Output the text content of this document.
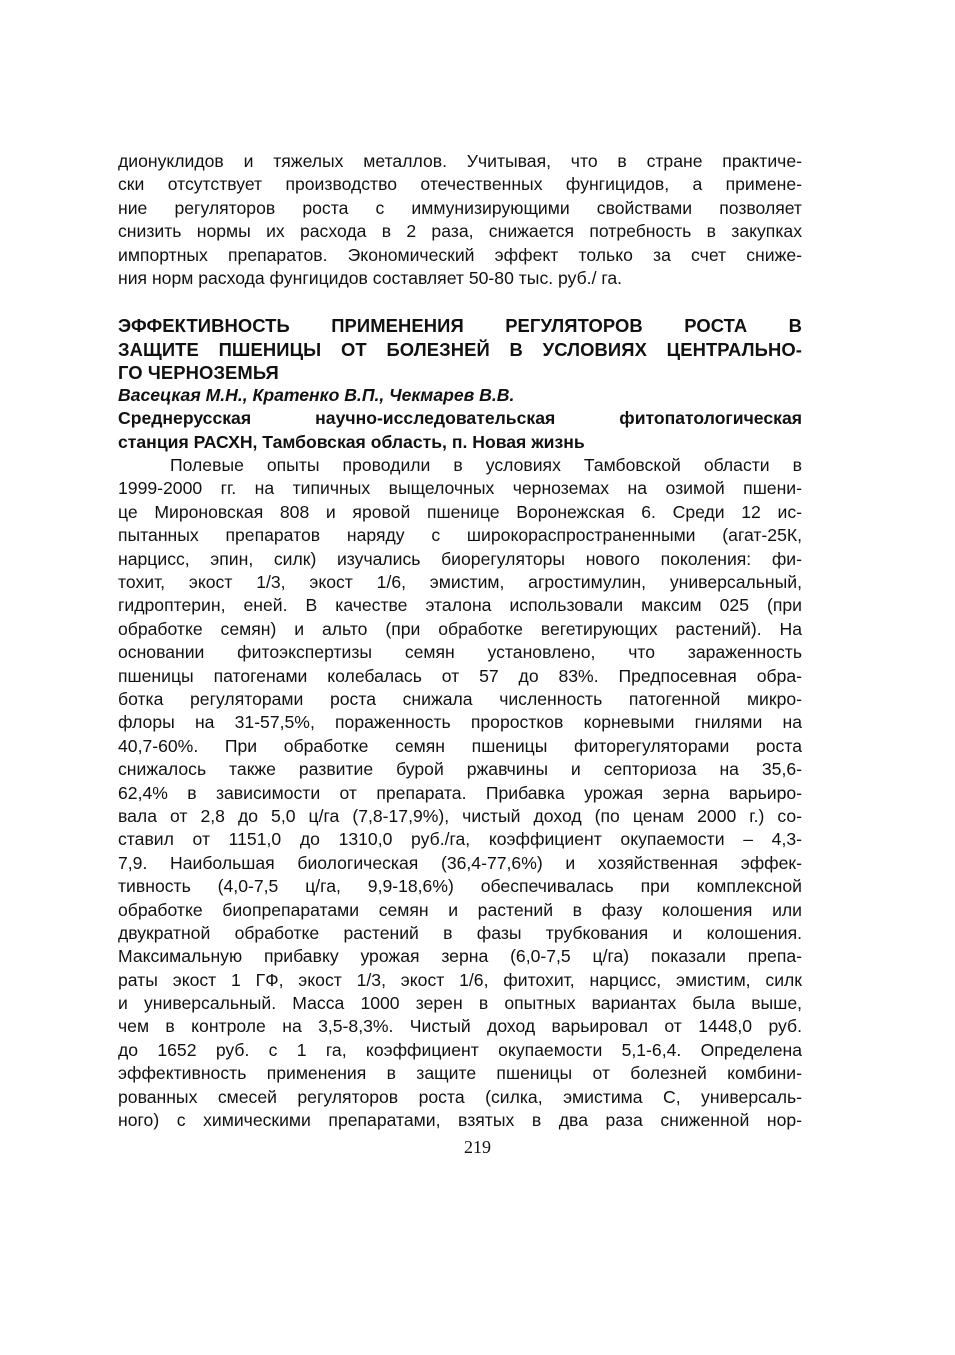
дионуклидов и тяжелых металлов. Учитывая, что в стране практиче-
ски отсутствует производство отечественных фунгицидов, а примене-
ние регуляторов роста с иммунизирующими свойствами позволяет
снизить нормы их расхода в 2 раза, снижается потребность в закупках
импортных препаратов. Экономический эффект только за счет сниже-
ния норм расхода фунгицидов составляет 50-80 тыс. руб./ га.
ЭФФЕКТИВНОСТЬ ПРИМЕНЕНИЯ РЕГУЛЯТОРОВ РОСТА В
ЗАЩИТЕ ПШЕНИЦЫ ОТ БОЛЕЗНЕЙ В УСЛОВИЯХ ЦЕНТРАЛЬНО-
ГО ЧЕРНОЗЕМЬЯ
Васецкая М.Н., Кратенко В.П., Чекмарев В.В.
Среднерусская научно-исследовательская фитопатологическая
станция РАСХН, Тамбовская область, п. Новая жизнь
Полевые опыты проводили в условиях Тамбовской области в
1999-2000 гг. на типичных выщелочных черноземах на озимой пшени-
це Мироновская 808 и яровой пшенице Воронежская 6. Среди 12 ис-
пытанных препаратов наряду с широкораспространенными (агат-25К,
нарцисс, эпин, силк) изучались биорегуляторы нового поколения: фи-
тохит, экост 1/3, экост 1/6, эмистим, агростимулин, универсальный,
гидроптерин, еней. В качестве эталона использовали максим 025 (при
обработке семян) и альто (при обработке вегетирующих растений). На
основании фитоэкспертизы семян установлено, что зараженность
пшеницы патогенами колебалась от 57 до 83%. Предпосевная обра-
ботка регуляторами роста снижала численность патогенной микро-
флоры на 31-57,5%, пораженность проростков корневыми гнилями на
40,7-60%. При обработке семян пшеницы фиторегуляторами роста
снижалось также развитие бурой ржавчины и септориоза на 35,6-
62,4% в зависимости от препарата. Прибавка урожая зерна варьиро-
вала от 2,8 до 5,0 ц/га (7,8-17,9%), чистый доход (по ценам 2000 г.) со-
ставил от 1151,0 до 1310,0 руб./га, коэффициент окупаемости – 4,3-
7,9. Наибольшая биологическая (36,4-77,6%) и хозяйственная эффек-
тивность (4,0-7,5 ц/га, 9,9-18,6%) обеспечивалась при комплексной
обработке биопрепаратами семян и растений в фазу колошения или
двукратной обработке растений в фазы трубкования и колошения.
Максимальную прибавку урожая зерна (6,0-7,5 ц/га) показали препа-
раты экост 1 ГФ, экост 1/3, экост 1/6, фитохит, нарцисс, эмистим, силк
и универсальный. Масса 1000 зерен в опытных вариантах была выше,
чем в контроле на 3,5-8,3%. Чистый доход варьировал от 1448,0 руб.
до 1652 руб. с 1 га, коэффициент окупаемости 5,1-6,4. Определена
эффективность применения в защите пшеницы от болезней комбини-
рованных смесей регуляторов роста (силка, эмистима С, универсаль-
ного) с химическими препаратами, взятых в два раза сниженной нор-
219
